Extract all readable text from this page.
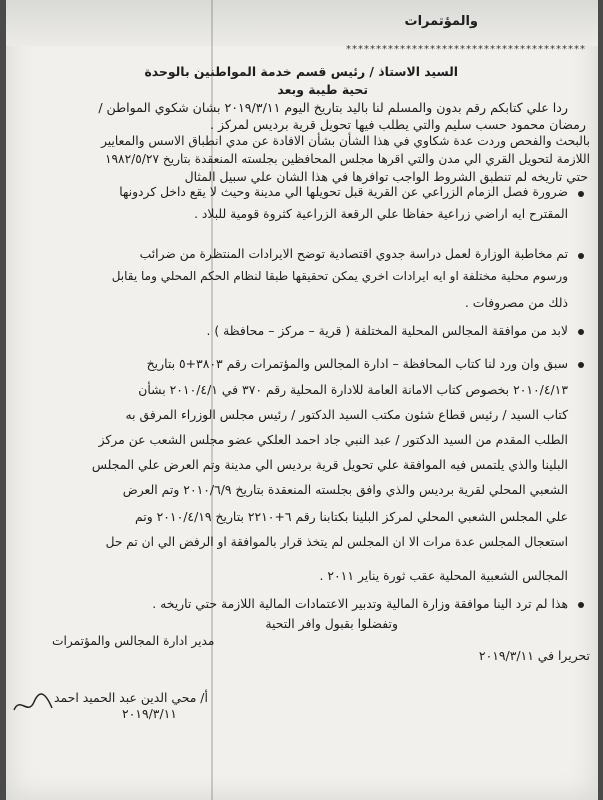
والمؤتمرات
****************************************
السيد الاستاذ / رئيس قسم خدمة المواطنين بالوحدة
تحية طيبة وبعد
ردا علي كتابكم رقم بدون والمسلم لنا باليد بتاريخ اليوم ٢٠١٩/٣/١١ بشان شكوي المواطن /
رمضان محمود حسب سليم والتي يطلب فيها تحويل قرية برديس لمركز .
بالبحث والفحص وردت عدة شكاوي في هذا الشأن بشأن الافادة عن مدي انطباق الاسس والمعايير
اللازمة لتحويل القري الي مدن والتي اقرها مجلس المحافظين بجلسته المنعقدة بتاريخ ١٩٨٢/٥/٢٧
حتي تاريخه لم تنطبق الشروط الواجب توافرها في هذا الشان علي سبيل المثال
ضرورة فصل الزمام الزراعي عن القرية قبل تحويلها الي مدينة وحيث لا يقع داخل كردونها
المقترح ايه اراضي زراعية حفاظا علي الرقعة الزراعية كثروة قومية للبلاد .
تم مخاطبة الوزارة لعمل دراسة جدوي اقتصادية توضح الايرادات المنتظرة من ضرائب
ورسوم محلية مختلفة او ايه ايرادات اخري يمكن تحقيقها طبقا لنظام الحكم المحلي وما يقابل
ذلك من مصروفات .
لابد من موافقة المجالس المحلية المختلفة ( قرية – مركز – محافظة ) .
سبق وان ورد لنا كتاب المحافظة – ادارة المجالس والمؤتمرات رقم ٣٨٠٣+٥ بتاريخ
٢٠١٠/٤/١٣ بخصوص كتاب الامانة العامة للادارة المحلية رقم ٣٧٠ في ٢٠١٠/٤/١ بشأن
كتاب السيد / رئيس قطاع شئون مكتب السيد الدكتور / رئيس مجلس الوزراء المرفق به
الطلب المقدم من السيد الدكتور / عبد النبي جاد احمد العلكي عضو مجلس الشعب عن مركز
البلينا والذي يلتمس فيه الموافقة علي تحويل قرية برديس الي مدينة وتم العرض علي المجلس
الشعبي المحلي لقرية برديس والذي وافق بجلسته المنعقدة بتاريخ ٢٠١٠/٦/٩ وتم العرض
علي المجلس الشعبي المحلي لمركز البلينا بكتابنا رقم ٦+٢٢١٠ بتاريخ ٢٠١٠/٤/١٩ وتم
استعجال المجلس عدة مرات الا ان المجلس لم يتخذ قرار بالموافقة او الرفض الي ان تم حل
المجالس الشعبية المحلية عقب ثورة يناير ٢٠١١ .
هذا لم ترد الينا موافقة وزارة المالية وتدبير الاعتمادات المالية اللازمة حتي تاريخه .
وتفضلوا بقبول وافر التحية
تحريرا في ٢٠١٩/٣/١١
مدير ادارة المجالس والمؤتمرات
أ/ محي الدين عبد الحميد احمد
٢٠١٩/٣/١١
